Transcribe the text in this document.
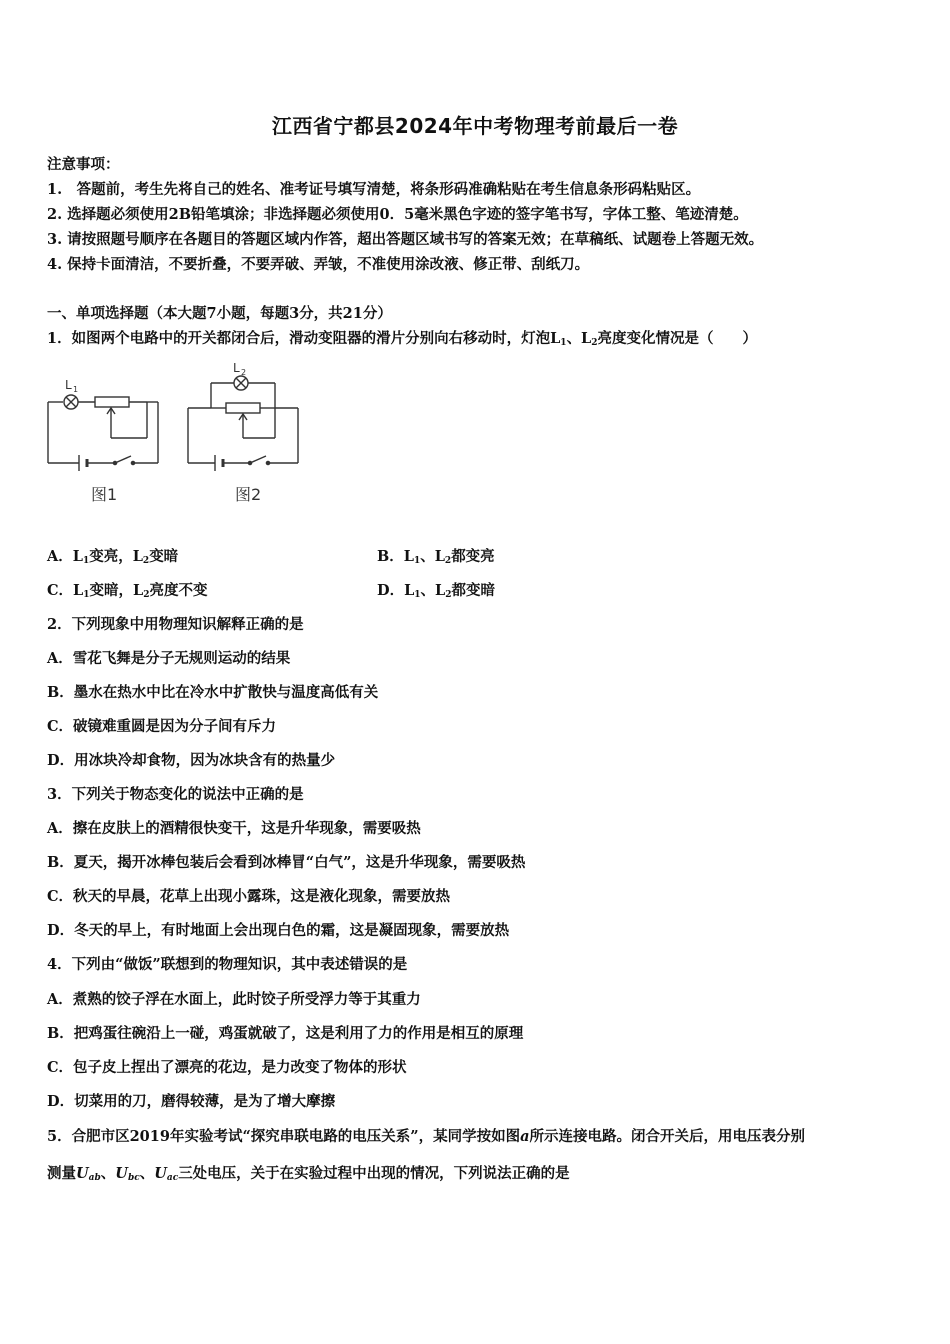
江西省宁都县2024年中考物理考前最后一卷
注意事项：
1.　答题前，考生先将自己的姓名、准考证号填写清楚，将条形码准确粘贴在考生信息条形码粘贴区。
2. 选择题必须使用2B铅笔填涂；非选择题必须使用0．5毫米黑色字迹的签字笔书写，字体工整、笔迹清楚。
3. 请按照题号顺序在各题目的答题区域内作答，超出答题区域书写的答案无效；在草稿纸、试题卷上答题无效。
4. 保持卡面清洁，不要折叠，不要弄破、弄皱，不准使用涂改液、修正带、刮纸刀。
一、单项选择题（本大题7小题，每题3分，共21分）
1．如图两个电路中的开关都闭合后，滑动变阻器的滑片分别向右移动时，灯泡$L_1$、$L_2$亮度变化情况是（　　）
L 1
图1
L 2
图2
A．$L_1$变亮，$L_2$变暗	B．$L_1$、$L_2$都变亮
C．$L_1$变暗，$L_2$亮度不变	D．$L_1$、$L_2$都变暗
2．下列现象中用物理知识解释正确的是
A．雪花飞舞是分子无规则运动的结果
B．墨水在热水中比在冷水中扩散快与温度高低有关
C．破镜难重圆是因为分子间有斥力
D．用冰块冷却食物，因为冰块含有的热量少
3．下列关于物态变化的说法中正确的是
A．擦在皮肤上的酒精很快变干，这是升华现象，需要吸热
B．夏天，揭开冰棒包装后会看到冰棒冒“白气”，这是升华现象，需要吸热
C．秋天的早晨，花草上出现小露珠，这是液化现象，需要放热
D．冬天的早上，有时地面上会出现白色的霜，这是凝固现象，需要放热
4．下列由“做饭”联想到的物理知识，其中表述错误的是
A．煮熟的饺子浮在水面上，此时饺子所受浮力等于其重力
B．把鸡蛋往碗沿上一碰，鸡蛋就破了，这是利用了力的作用是相互的原理
C．包子皮上捏出了漂亮的花边，是力改变了物体的形状
D．切菜用的刀，磨得较薄，是为了增大摩擦
5．合肥市区2019年实验考试“探究串联电路的电压关系”，某同学按如图a所示连接电路。闭合开关后，用电压表分别
测量$U_{ab}$、$U_{bc}$、$U_{ac}$三处电压，关于在实验过程中出现的情况，下列说法正确的是
